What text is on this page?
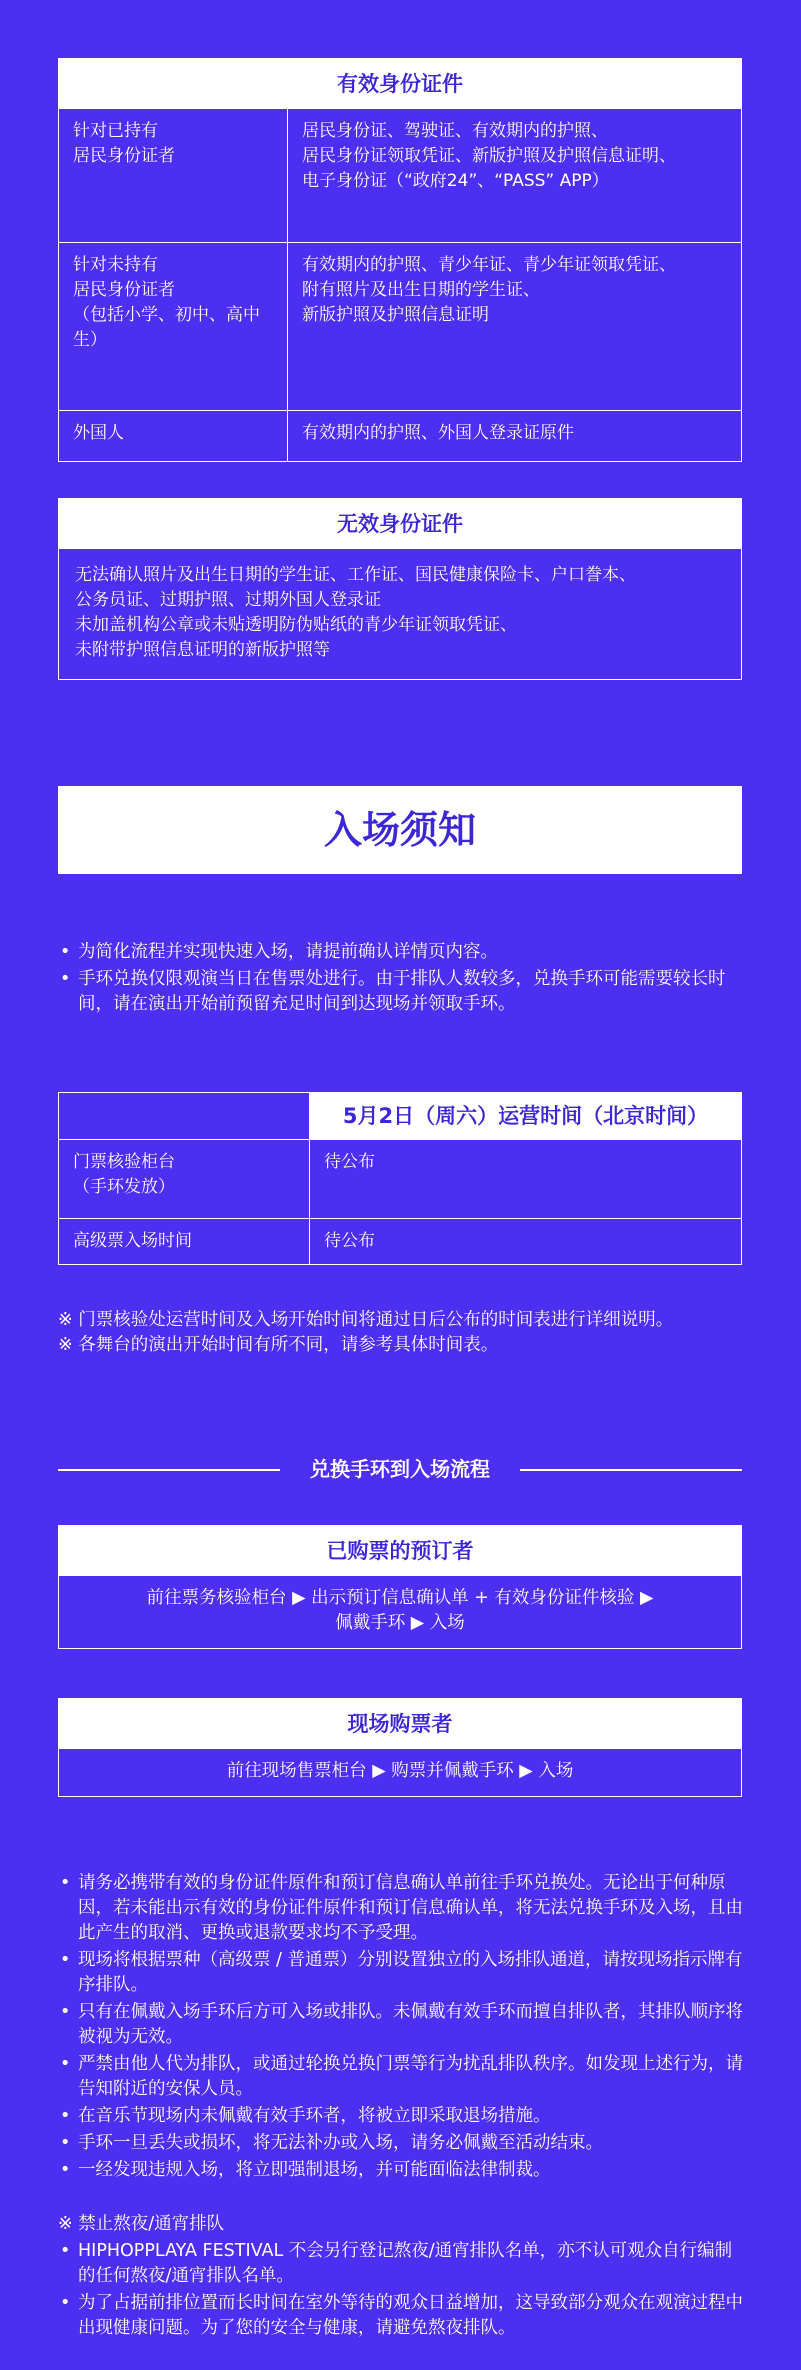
有效身份证件
针对已持有
居民身份证者	居民身份证、驾驶证、有效期内的护照、
居民身份证领取凭证、新版护照及护照信息证明、
电子身份证（“政府24”、“PASS” APP）
针对未持有
居民身份证者
（包括小学、初中、高中生）	有效期内的护照、青少年证、青少年证领取凭证、
附有照片及出生日期的学生证、
新版护照及护照信息证明
外国人	有效期内的护照、外国人登录证原件
无效身份证件
无法确认照片及出生日期的学生证、工作证、国民健康保险卡、户口誊本、
公务员证、过期护照、过期外国人登录证
未加盖机构公章或未贴透明防伪贴纸的青少年证领取凭证、
未附带护照信息证明的新版护照等
入场须知
• 为简化流程并实现快速入场，请提前确认详情页内容。
• 手环兑换仅限观演当日在售票处进行。由于排队人数较多，兑换手环可能需要较长时间，请在演出开始前预留充足时间到达现场并领取手环。
	5月2日（周六）运营时间（北京时间）
门票核验柜台
（手环发放）	待公布
高级票入场时间	待公布
※ 门票核验处运营时间及入场开始时间将通过日后公布的时间表进行详细说明。
※ 各舞台的演出开始时间有所不同，请参考具体时间表。
兑换手环到入场流程
已购票的预订者
前往票务核验柜台 ▶ 出示预订信息确认单 + 有效身份证件核验 ▶
佩戴手环 ▶ 入场
现场购票者
前往现场售票柜台 ▶ 购票并佩戴手环 ▶ 入场
• 请务必携带有效的身份证件原件和预订信息确认单前往手环兑换处。无论出于何种原因，若未能出示有效的身份证件原件和预订信息确认单，将无法兑换手环及入场，且由此产生的取消、更换或退款要求均不予受理。
• 现场将根据票种（高级票 / 普通票）分别设置独立的入场排队通道，请按现场指示牌有序排队。
• 只有在佩戴入场手环后方可入场或排队。未佩戴有效手环而擅自排队者，其排队顺序将被视为无效。
• 严禁由他人代为排队，或通过轮换兑换门票等行为扰乱排队秩序。如发现上述行为，请告知附近的安保人员。
• 在音乐节现场内未佩戴有效手环者，将被立即采取退场措施。
• 手环一旦丢失或损坏，将无法补办或入场，请务必佩戴至活动结束。
• 一经发现违规入场，将立即强制退场，并可能面临法律制裁。
※ 禁止熬夜/通宵排队
• HIPHOPPLAYA FESTIVAL 不会另行登记熬夜/通宵排队名单，亦不认可观众自行编制的任何熬夜/通宵排队名单。
• 为了占据前排位置而长时间在室外等待的观众日益增加，这导致部分观众在观演过程中出现健康问题。为了您的安全与健康，请避免熬夜排队。
